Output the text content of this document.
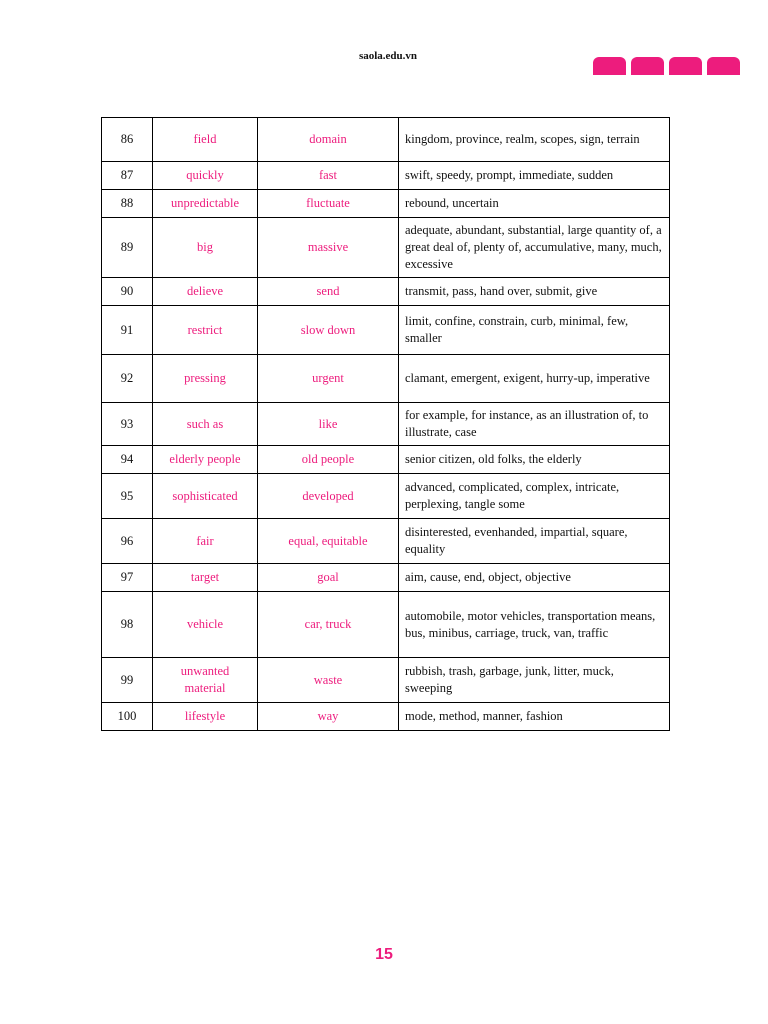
saola.edu.vn
86	field	domain	kingdom, province, realm, scopes, sign, terrain
87	quickly	fast	swift, speedy, prompt, immediate, sudden
88	unpredictable	fluctuate	rebound, uncertain
89	big	massive	adequate, abundant, substantial, large quantity of, a great deal of, plenty of, accumulative, many, much, excessive
90	delieve	send	transmit, pass, hand over, submit, give
91	restrict	slow down	limit, confine, constrain, curb, minimal, few, smaller
92	pressing	urgent	clamant, emergent, exigent, hurry-up, imperative
93	such as	like	for example, for instance, as an illustration of, to illustrate, case
94	elderly people	old people	senior citizen, old folks, the elderly
95	sophisticated	developed	advanced, complicated, complex, intricate, perplexing, tangle some
96	fair	equal, equitable	disinterested, evenhanded, impartial, square, equality
97	target	goal	aim, cause, end, object, objective
98	vehicle	car, truck	automobile, motor vehicles, transportation means, bus, minibus, carriage, truck, van, traffic
99	unwanted material	waste	rubbish, trash, garbage, junk, litter, muck, sweeping
100	lifestyle	way	mode, method, manner, fashion
15
